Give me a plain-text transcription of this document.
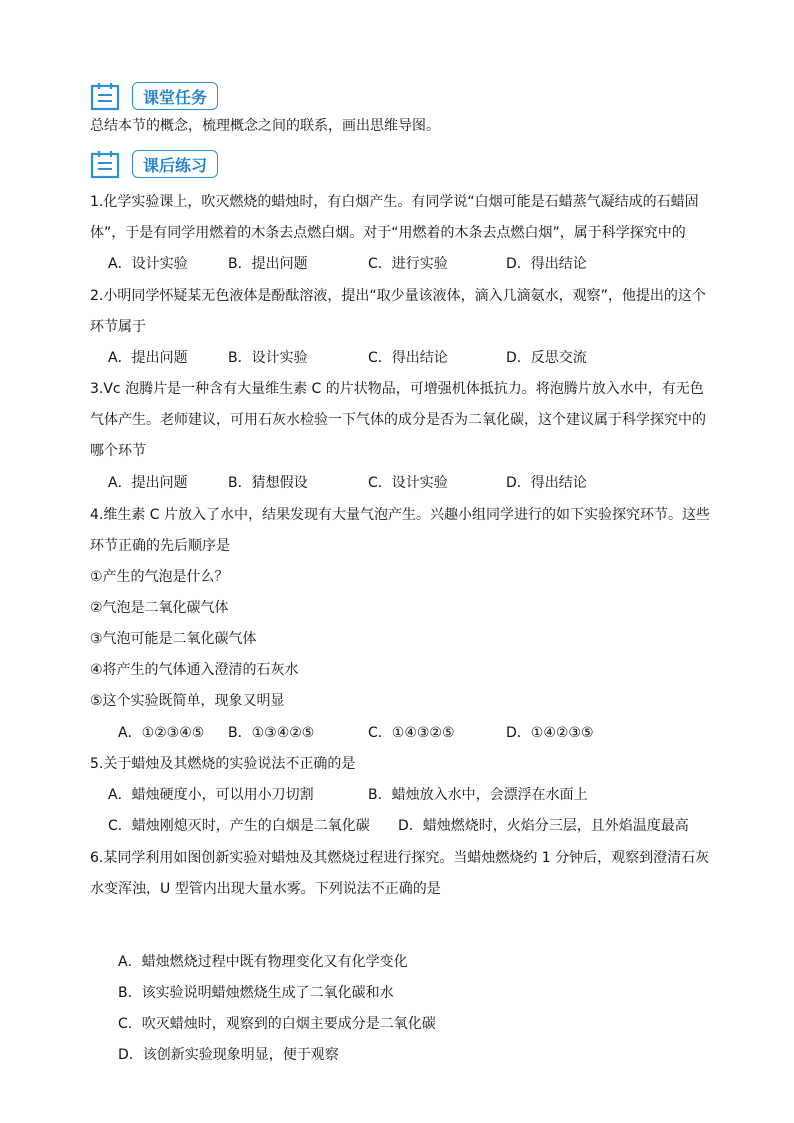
课堂任务
总结本节的概念，梳理概念之间的联系，画出思维导图。
课后练习
1.化学实验课上，吹灭燃烧的蜡烛时，有白烟产生。有同学说“白烟可能是石蜡蒸气凝结成的石蜡固
体”，于是有同学用燃着的木条去点燃白烟。对于“用燃着的木条去点燃白烟”，属于科学探究中的
A．设计实验	B．提出问题	C．进行实验	D．得出结论
2.小明同学怀疑某无色液体是酚酞溶液，提出“取少量该液体，滴入几滴氨水，观察”，他提出的这个
环节属于
A．提出问题	B．设计实验	C．得出结论	D．反思交流
3.Vc 泡腾片是一种含有大量维生素 C 的片状物品，可增强机体抵抗力。将泡腾片放入水中，有无色
气体产生。老师建议，可用石灰水检验一下气体的成分是否为二氧化碳，这个建议属于科学探究中的
哪个环节
A．提出问题	B．猜想假设	C．设计实验	D．得出结论
4.维生素 C 片放入了水中，结果发现有大量气泡产生。兴趣小组同学进行的如下实验探究环节。这些
环节正确的先后顺序是
①产生的气泡是什么？
②气泡是二氧化碳气体
③气泡可能是二氧化碳气体
④将产生的气体通入澄清的石灰水
⑤这个实验既简单，现象又明显
A．①②③④⑤ B．①③④②⑤	C．①④③②⑤	D．①④②③⑤
5.关于蜡烛及其燃烧的实验说法不正确的是
A．蜡烛硬度小，可以用小刀切割	B．蜡烛放入水中，会漂浮在水面上
C．蜡烛刚熄灭时，产生的白烟是二氧化碳 D．蜡烛燃烧时，火焰分三层，且外焰温度最高
6.某同学利用如图创新实验对蜡烛及其燃烧过程进行探究。当蜡烛燃烧约 1 分钟后，观察到澄清石灰
水变浑浊，U 型管内出现大量水雾。下列说法不正确的是
A．蜡烛燃烧过程中既有物理变化又有化学变化
B．该实验说明蜡烛燃烧生成了二氧化碳和水
C．吹灭蜡烛时，观察到的白烟主要成分是二氧化碳
D．该创新实验现象明显，便于观察
